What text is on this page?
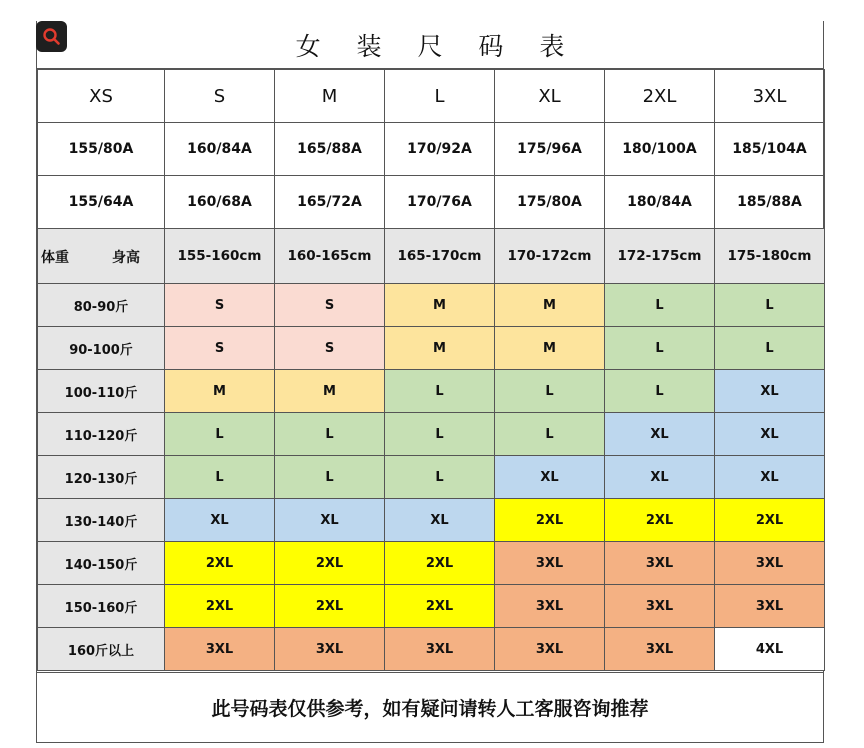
女 装 尺 码 表
XS	S	M	L	XL	2XL	3XL
155/80A	160/84A	165/88A	170/92A	175/96A	180/100A	185/104A
155/64A	160/68A	165/72A	170/76A	175/80A	180/84A	185/88A

体重 身高	155-160cm	160-165cm	165-170cm	170-172cm	172-175cm	175-180cm
80-90斤	S	S	M	M	L	L
90-100斤	S	S	M	M	L	L
100-110斤	M	M	L	L	L	XL
110-120斤	L	L	L	L	XL	XL
120-130斤	L	L	L	XL	XL	XL
130-140斤	XL	XL	XL	2XL	2XL	2XL
140-150斤	2XL	2XL	2XL	3XL	3XL	3XL
150-160斤	2XL	2XL	2XL	3XL	3XL	3XL
160斤以上	3XL	3XL	3XL	3XL	3XL	4XL
此号码表仅供参考，如有疑问请转人工客服咨询推荐
